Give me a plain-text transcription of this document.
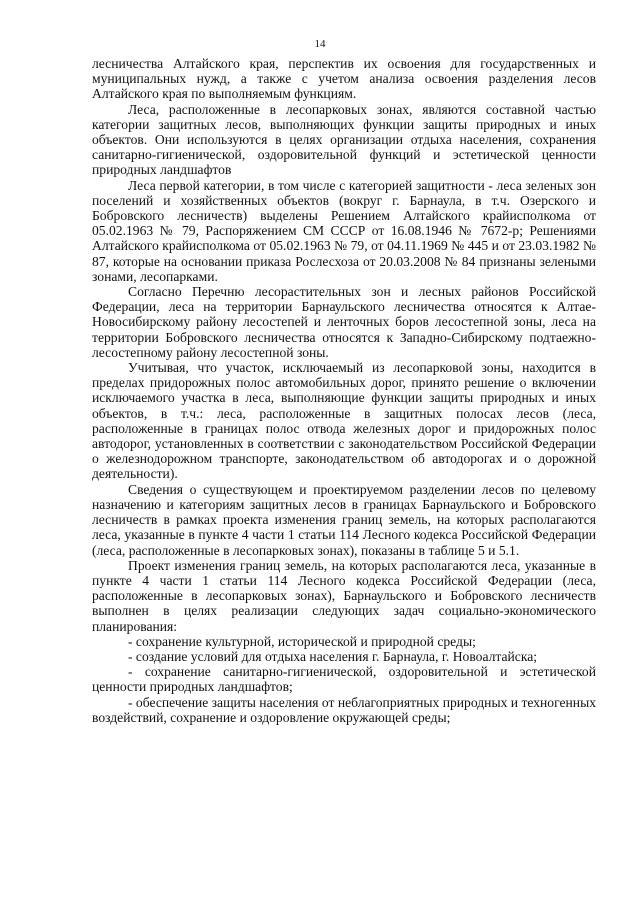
14

лесничества Алтайского края, перспектив их освоения для государственных и муниципальных нужд, а также с учетом анализа освоения разделения лесов Алтайского края по выполняемым функциям.

Леса, расположенные в лесопарковых зонах, являются составной частью категории защитных лесов, выполняющих функции защиты природных и иных объектов. Они используются в целях организации отдыха населения, сохранения санитарно-гигиенической, оздоровительной функций и эстетической ценности природных ландшафтов

Леса первой категории, в том числе с категорией защитности - леса зеленых зон поселений и хозяйственных объектов (вокруг г. Барнаула, в т.ч. Озерского и Бобровского лесничеств) выделены Решением Алтайского крайисполкома от 05.02.1963 № 79, Распоряжением СМ СССР от 16.08.1946 № 7672-р; Решениями Алтайского крайисполкома от 05.02.1963 № 79, от 04.11.1969 № 445 и от 23.03.1982 № 87, которые на основании приказа Рослесхоза от 20.03.2008 № 84 признаны зелеными зонами, лесопарками.

Согласно Перечню лесорастительных зон и лесных районов Российской Федерации, леса на территории Барнаульского лесничества относятся к Алтае-Новосибирскому району лесостепей и ленточных боров лесостепной зоны, леса на территории Бобровского лесничества относятся к Западно-Сибирскому подтаежно-лесостепному району лесостепной зоны.

Учитывая, что участок, исключаемый из лесопарковой зоны, находится в пределах придорожных полос автомобильных дорог, принято решение о включении исключаемого участка в леса, выполняющие функции защиты природных и иных объектов, в т.ч.: леса, расположенные в защитных полосах лесов (леса, расположенные в границах полос отвода железных дорог и придорожных полос автодорог, установленных в соответствии с законодательством Российской Федерации о железнодорожном транспорте, законодательством об автодорогах и о дорожной деятельности).

Сведения о существующем и проектируемом разделении лесов по целевому назначению и категориям защитных лесов в границах Барнаульского и Бобровского лесничеств в рамках проекта изменения границ земель, на которых располагаются леса, указанные в пункте 4 части 1 статьи 114 Лесного кодекса Российской Федерации (леса, расположенные в лесопарковых зонах), показаны в таблице 5 и 5.1.

Проект изменения границ земель, на которых располагаются леса, указанные в пункте 4 части 1 статьи 114 Лесного кодекса Российской Федерации (леса, расположенные в лесопарковых зонах), Барнаульского и Бобровского лесничеств выполнен в целях реализации следующих задач социально-экономического планирования:

- сохранение культурной, исторической и природной среды;

- создание условий для отдыха населения г. Барнаула, г. Новоалтайска;

- сохранение санитарно-гигиенической, оздоровительной и эстетической ценности природных ландшафтов;

- обеспечение защиты населения от неблагоприятных природных и техногенных воздействий, сохранение и оздоровление окружающей среды;
